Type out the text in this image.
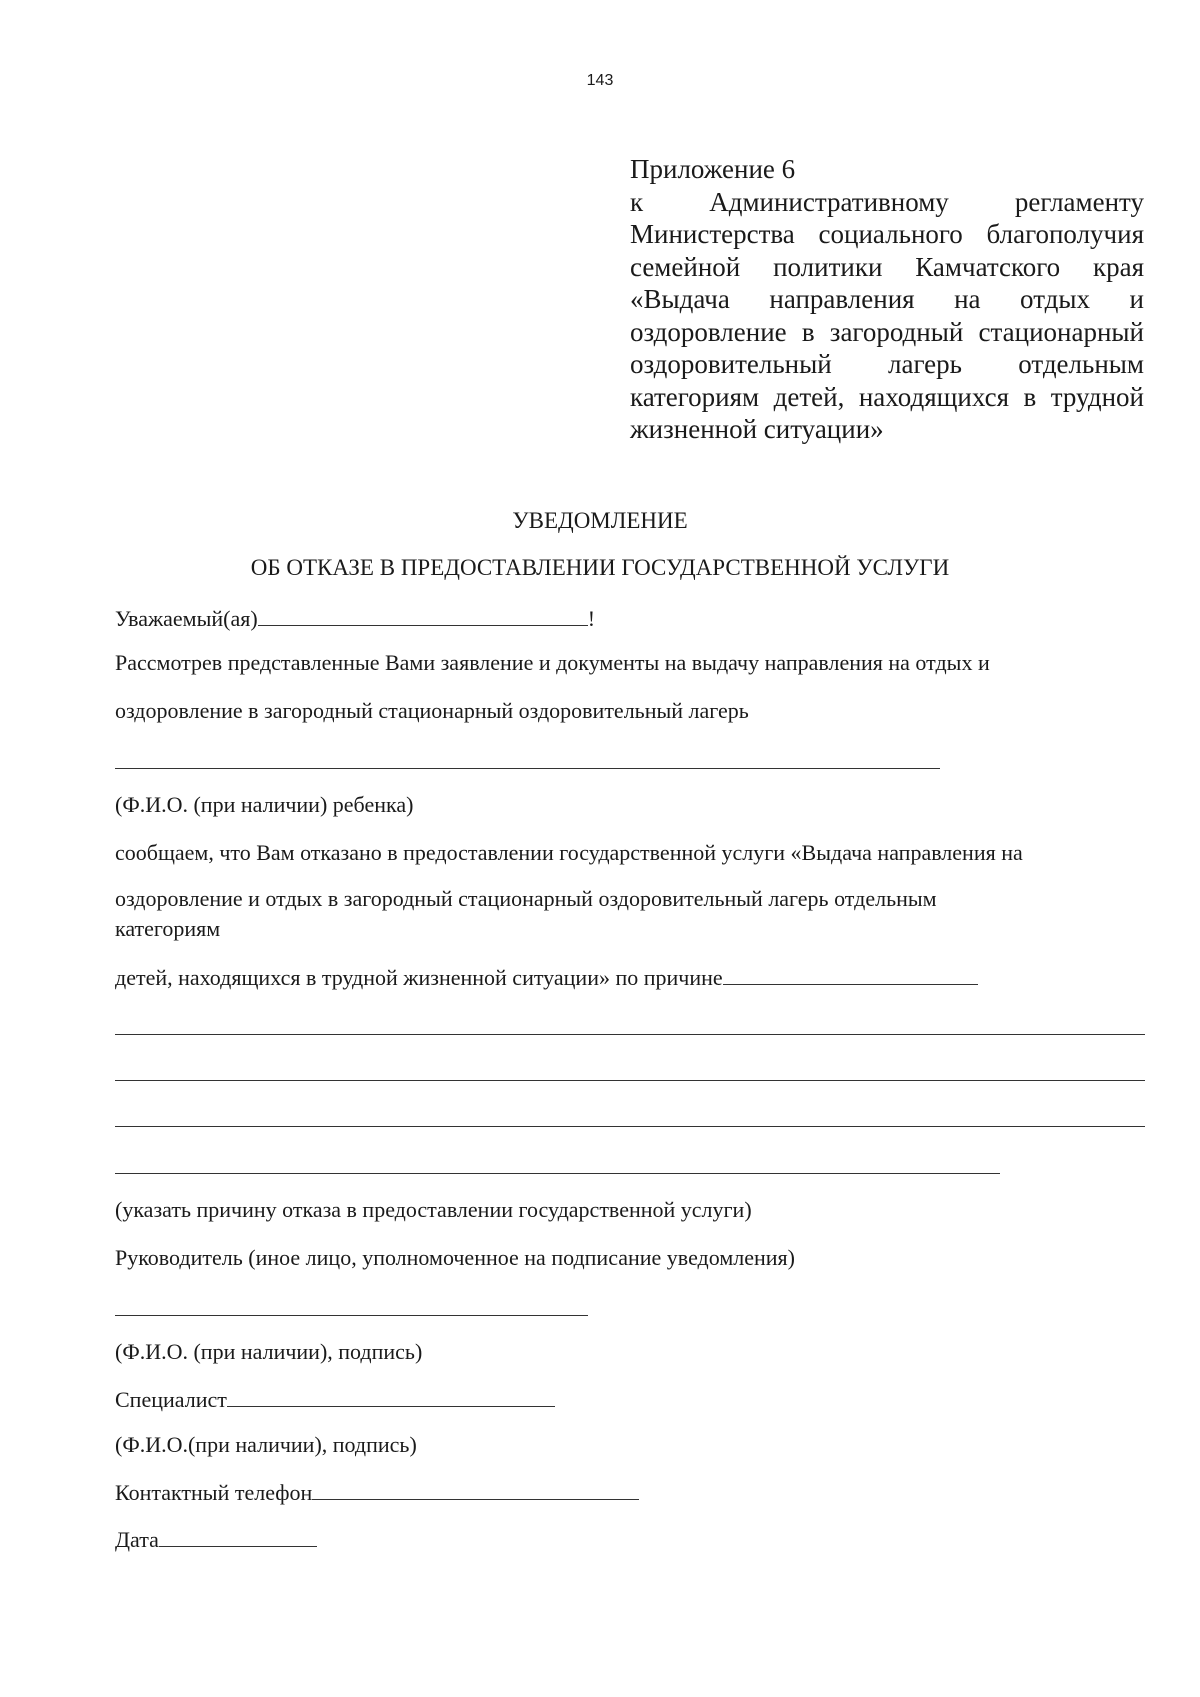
143
Приложение 6
к Административному регламенту
Министерства социального благополучия
семейной политики Камчатского края
«Выдача направления на отдых и
оздоровление в загородный стационарный
оздоровительный лагерь отдельным
категориям детей, находящихся в трудной
жизненной ситуации»
УВЕДОМЛЕНИЕ
ОБ ОТКАЗЕ В ПРЕДОСТАВЛЕНИИ ГОСУДАРСТВЕННОЙ УСЛУГИ
Уважаемый(ая)	!
Рассмотрев представленные Вами заявление и документы на выдачу направления на отдых и
оздоровление в загородный стационарный оздоровительный лагерь
(Ф.И.О. (при наличии) ребенка)
сообщаем, что Вам отказано в предоставлении государственной услуги «Выдача направления на
оздоровление и отдых в загородный стационарный оздоровительный лагерь отдельным
категориям
детей, находящихся в трудной жизненной ситуации» по причине
(указать причину отказа в предоставлении государственной услуги)
Руководитель (иное лицо, уполномоченное на подписание уведомления)
(Ф.И.О. (при наличии), подпись)
Специалист
(Ф.И.О.(при наличии), подпись)
Контактный телефон
Дата
